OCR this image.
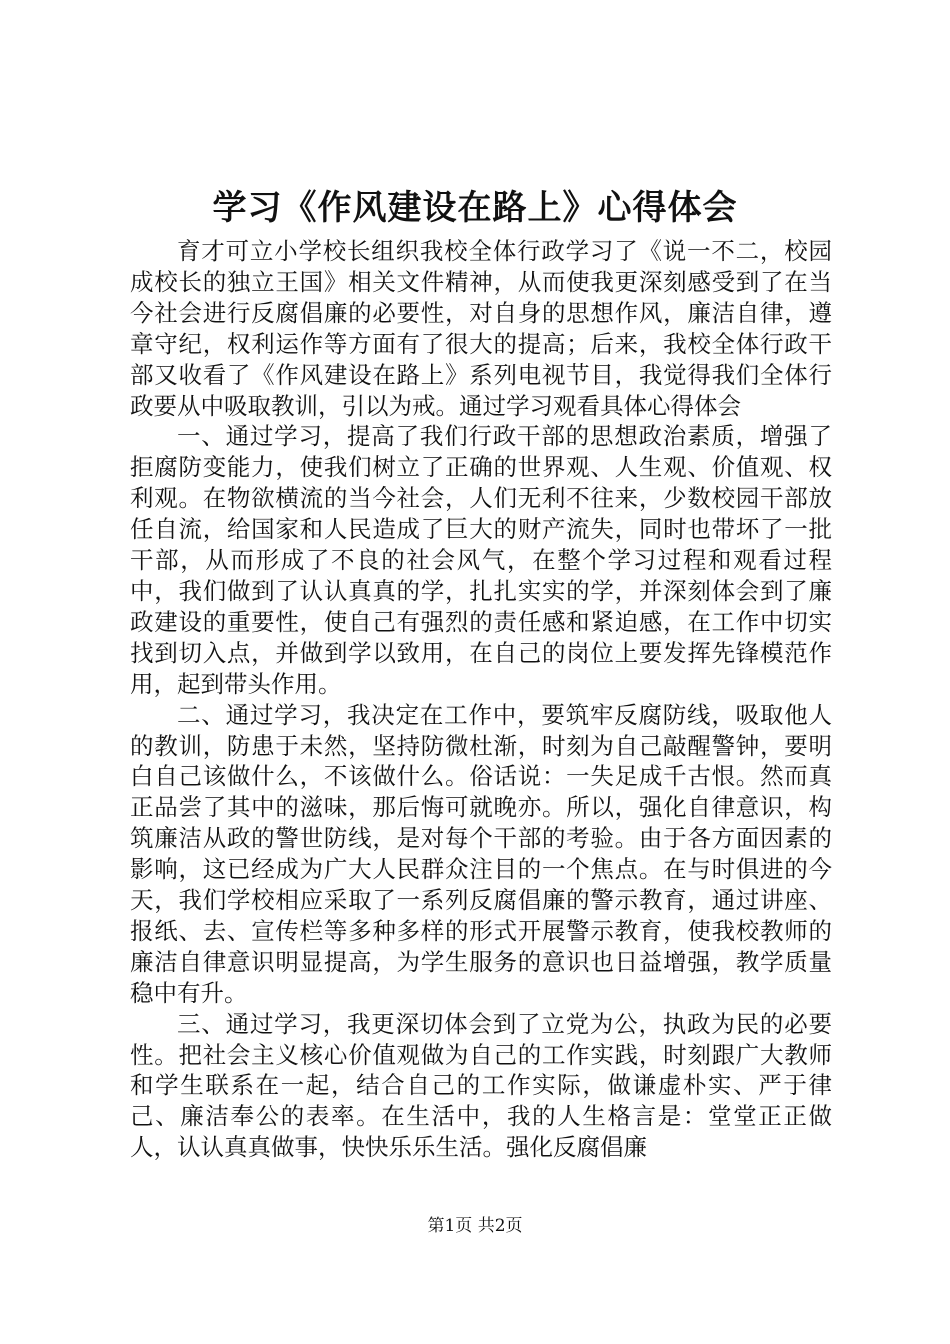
学习《作风建设在路上》心得体会

育才可立小学校长组织我校全体行政学习了《说一不二，校园成校长的独立王国》相关文件精神，从而使我更深刻感受到了在当今社会进行反腐倡廉的必要性，对自身的思想作风，廉洁自律，遵章守纪，权利运作等方面有了很大的提高；后来，我校全体行政干部又收看了《作风建设在路上》系列电视节目，我觉得我们全体行政要从中吸取教训，引以为戒。通过学习观看具体心得体会

一、通过学习，提高了我们行政干部的思想政治素质，增强了拒腐防变能力，使我们树立了正确的世界观、人生观、价值观、权利观。在物欲横流的当今社会，人们无利不往来，少数校园干部放任自流，给国家和人民造成了巨大的财产流失，同时也带坏了一批干部，从而形成了不良的社会风气，在整个学习过程和观看过程中，我们做到了认认真真的学，扎扎实实的学，并深刻体会到了廉政建设的重要性，使自己有强烈的责任感和紧迫感，在工作中切实找到切入点，并做到学以致用，在自己的岗位上要发挥先锋模范作用，起到带头作用。

二、通过学习，我决定在工作中，要筑牢反腐防线，吸取他人的教训，防患于未然，坚持防微杜渐，时刻为自己敲醒警钟，要明白自己该做什么，不该做什么。俗话说：一失足成千古恨。然而真正品尝了其中的滋味，那后悔可就晚亦。所以，强化自律意识，构筑廉洁从政的警世防线，是对每个干部的考验。由于各方面因素的影响，这已经成为广大人民群众注目的一个焦点。在与时俱进的今天，我们学校相应采取了一系列反腐倡廉的警示教育，通过讲座、报纸、去、宣传栏等多种多样的形式开展警示教育，使我校教师的廉洁自律意识明显提高，为学生服务的意识也日益增强，教学质量稳中有升。

三、通过学习，我更深切体会到了立党为公，执政为民的必要性。把社会主义核心价值观做为自己的工作实践，时刻跟广大教师和学生联系在一起，结合自己的工作实际，做谦虚朴实、严于律己、廉洁奉公的表率。在生活中，我的人生格言是：堂堂正正做人，认认真真做事，快快乐乐生活。强化反腐倡廉

第1页 共2页
